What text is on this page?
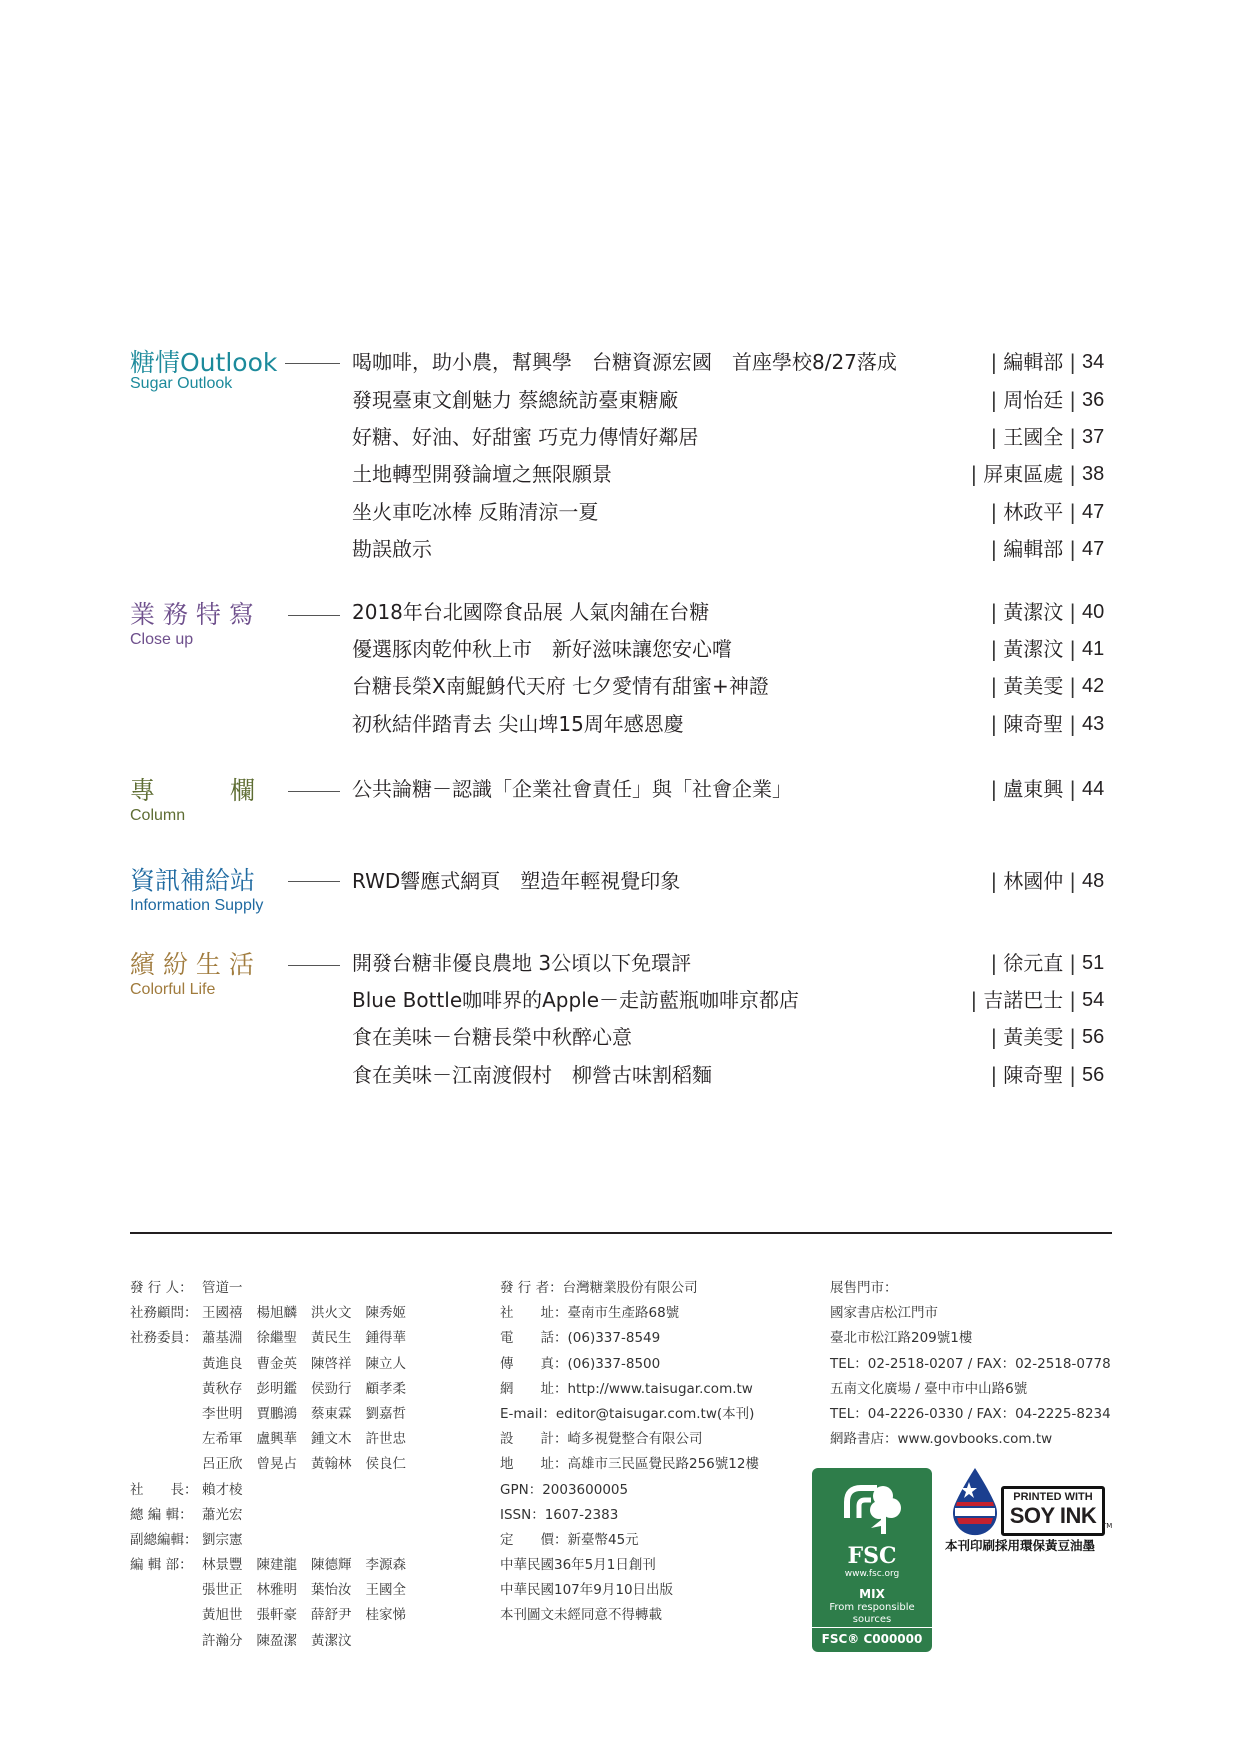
糖情Outlook
Sugar Outlook
喝咖啡，助小農，幫興學　台糖資源宏國　首座學校8/27落成	| 編輯部 | 34
發現臺東文創魅力 蔡總統訪臺東糖廠	| 周怡廷 | 36
好糖、好油、好甜蜜 巧克力傳情好鄰居	| 王國全 | 37
土地轉型開發論壇之無限願景	| 屏東區處 | 38
坐火車吃冰棒 反賄清涼一夏	| 林政平 | 47
勘誤啟示	| 編輯部 | 47
業 務 特 寫
Close up
2018年台北國際食品展 人氣肉舖在台糖	| 黃潔汶 | 40
優選豚肉乾仲秋上市　新好滋味讓您安心嚐	| 黃潔汶 | 41
台糖長榮X南鯤鯓代天府 七夕愛情有甜蜜+神證	| 黃美雯 | 42
初秋結伴踏青去 尖山埤15周年感恩慶	| 陳奇聖 | 43
專　　　欄
Column
公共論糖－認識「企業社會責任」與「社會企業」	| 盧東興 | 44
資訊補給站
Information Supply
RWD響應式網頁　塑造年輕視覺印象	| 林國仲 | 48
繽 紛 生 活
Colorful Life
開發台糖非優良農地 3公頃以下免環評	| 徐元直 | 51
Blue Bottle咖啡界的Apple－走訪藍瓶咖啡京都店	| 吉諾巴士 | 54
食在美味－台糖長榮中秋醉心意	| 黃美雯 | 56
食在美味－江南渡假村　柳營古味割稻麵	| 陳奇聖 | 56
發 行 人： 管道一
社務顧問： 王國禧 楊旭麟 洪火文 陳秀姬
社務委員： 蕭基淵 徐繼聖 黃民生 鍾得華
黃進良 曹金英 陳啓祥 陳立人
黃秋存 彭明鑑 侯勁行 顧孝柔
李世明 賈鵬鴻 蔡東霖 劉嘉哲
左希軍 盧興華 鍾文木 許世忠
呂正欣 曾晃占 黃翰林 侯良仁
社　　長： 賴才棱
總 編 輯： 蕭光宏
副總編輯： 劉宗憲
編 輯 部： 林景豐 陳建龍 陳德輝 李源森
張世正 林雅明 葉怡汝 王國全
黃旭世 張軒豪 薛舒尹 桂家悌
許瀚分 陳盈潔 黃潔汶
發 行 者：台灣糖業股份有限公司
社　　址：臺南市生產路68號
電　　話：(06)337-8549
傳　　真：(06)337-8500
網　　址：http://www.taisugar.com.tw
E-mail：editor@taisugar.com.tw(本刊)
設　　計：崎多視覺整合有限公司
地　　址：高雄市三民區覺民路256號12樓
GPN：2003600005
ISSN：1607-2383
定　　價：新臺幣45元
中華民國36年5月1日創刊
中華民國107年9月10日出版
本刊圖文未經同意不得轉載
展售門市：
國家書店松江門市
臺北市松江路209號1樓
TEL：02-2518-0207 / FAX：02-2518-0778
五南文化廣場 / 臺中市中山路6號
TEL：04-2226-0330 / FAX：04-2225-8234
網路書店：www.govbooks.com.tw
FSC
www.fsc.org
MIX
From responsible sources
FSC® C000000
PRINTED WITH
SOY INK TM
本刊印刷採用環保黃豆油墨
